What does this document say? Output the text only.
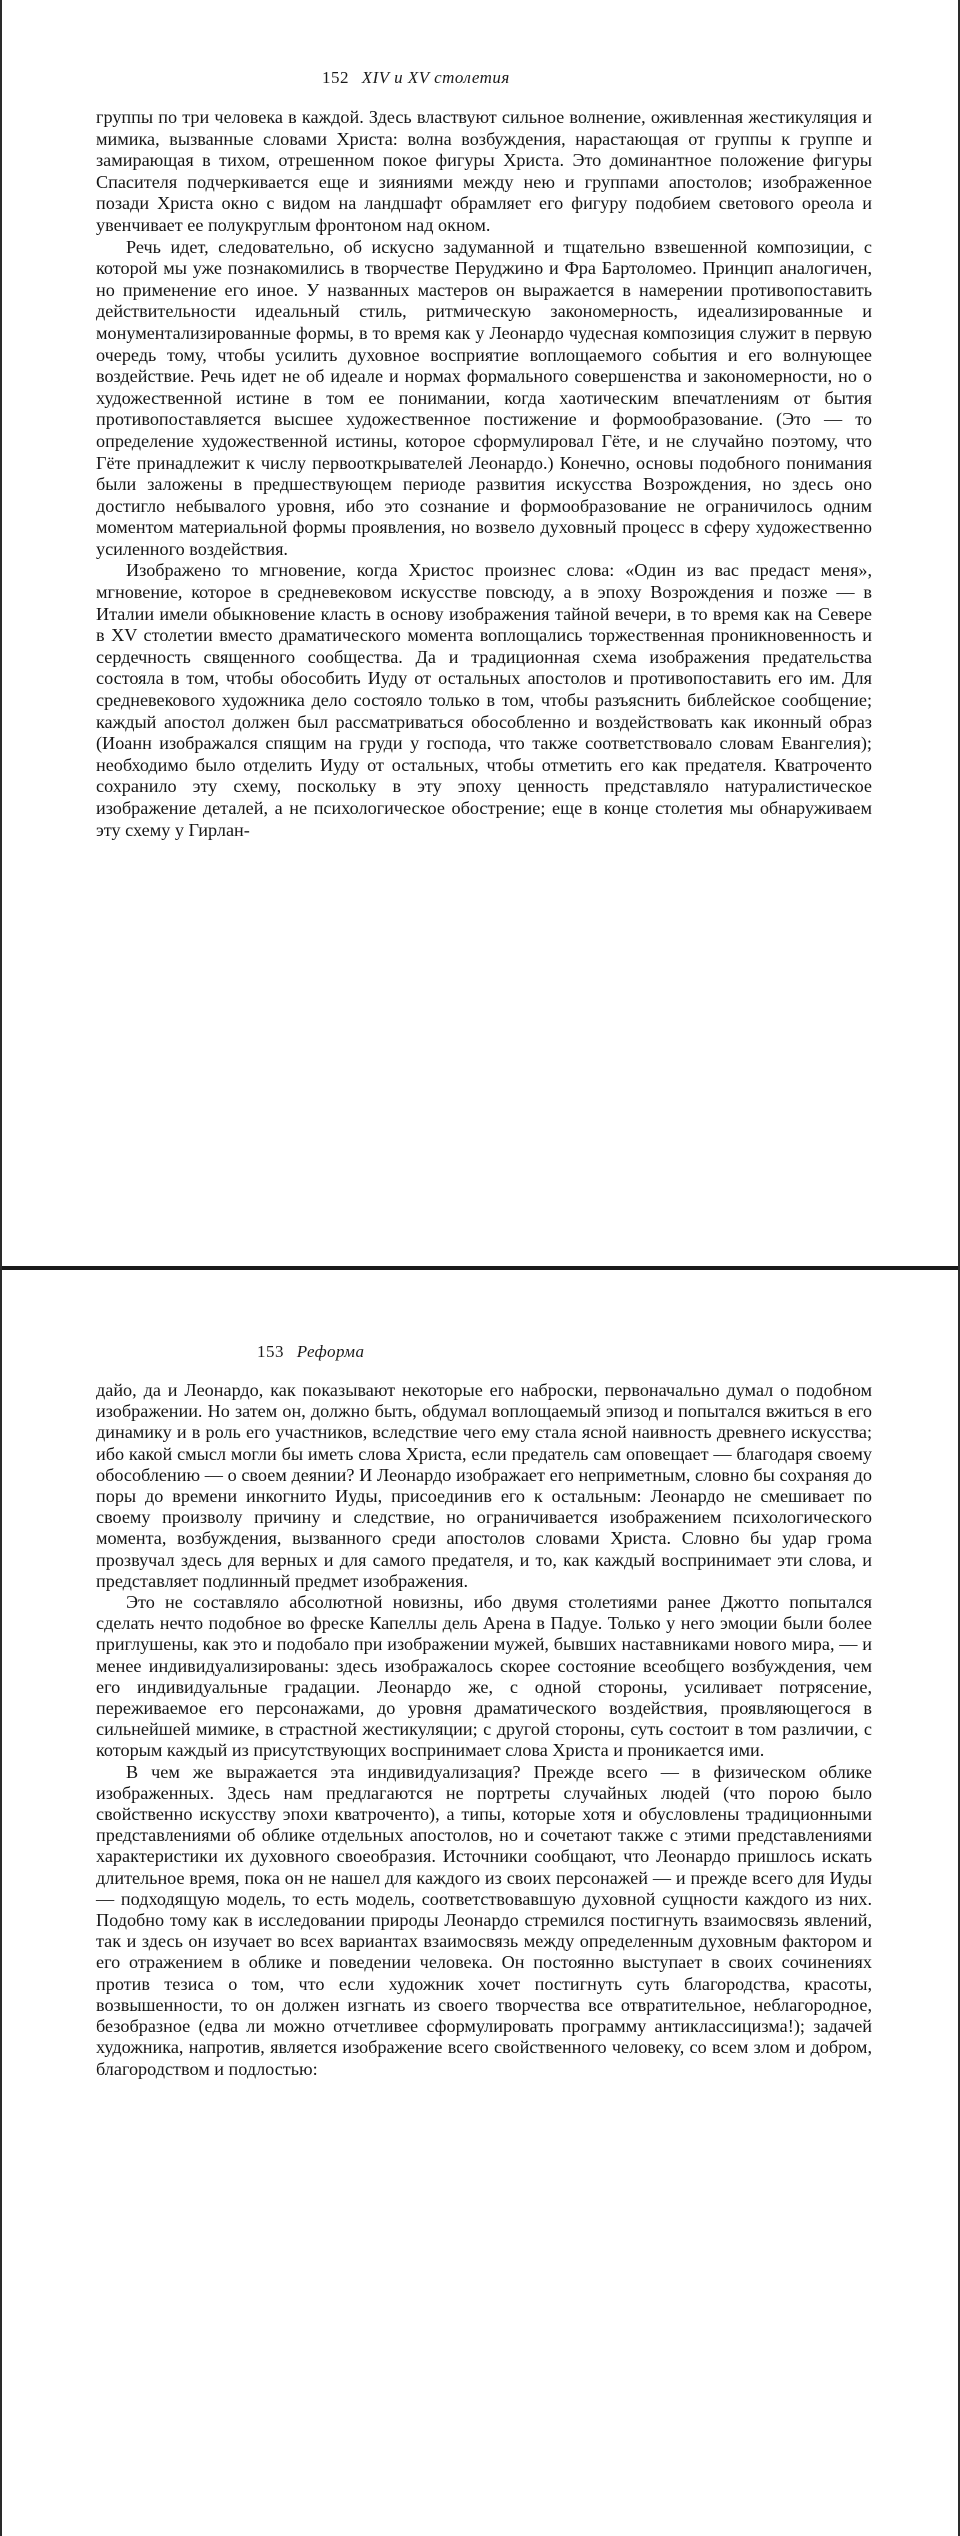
152 XIV и XV столетия

группы по три человека в каждой. Здесь властвуют сильное волнение, оживленная жестикуляция и мимика, вызванные словами Христа: волна возбуждения, нарастающая от группы к группе и замирающая в тихом, отрешенном покое фигуры Христа. Это доминантное положение фигуры Спасителя подчеркивается еще и зияниями между нею и группами апостолов; изображенное позади Христа окно с видом на ландшафт обрамляет его фигуру подобием светового ореола и увенчивает ее полукруглым фронтоном над окном.

Речь идет, следовательно, об искусно задуманной и тщательно взвешенной композиции, с которой мы уже познакомились в творчестве Перуджино и Фра Бартоломео. Принцип аналогичен, но применение его иное. У названных мастеров он выражается в намерении противопоставить действительности идеальный стиль, ритмическую закономерность, идеализированные и монументализированные формы, в то время как у Леонардо чудесная композиция служит в первую очередь тому, чтобы усилить духовное восприятие воплощаемого события и его волнующее воздействие. Речь идет не об идеале и нормах формального совершенства и закономерности, но о художественной истине в том ее понимании, когда хаотическим впечатлениям от бытия противопоставляется высшее художественное постижение и формообразование. (Это — то определение художественной истины, которое сформулировал Гёте, и не случайно поэтому, что Гёте принадлежит к числу первооткрывателей Леонардо.) Конечно, основы подобного понимания были заложены в предшествующем периоде развития искусства Возрождения, но здесь оно достигло небывалого уровня, ибо это сознание и формообразование не ограничилось одним моментом материальной формы проявления, но возвело духовный процесс в сферу художественно усиленного воздействия.

Изображено то мгновение, когда Христос произнес слова: «Один из вас предаст меня», мгновение, которое в средневековом искусстве повсюду, а в эпоху Возрождения и позже — в Италии имели обыкновение класть в основу изображения тайной вечери, в то время как на Севере в XV столетии вместо драматического момента воплощались торжественная проникновенность и сердечность священного сообщества. Да и традиционная схема изображения предательства состояла в том, чтобы обособить Иуду от остальных апостолов и противопоставить его им. Для средневекового художника дело состояло только в том, чтобы разъяснить библейское сообщение; каждый апостол должен был рассматриваться обособленно и воздействовать как иконный образ (Иоанн изображался спящим на груди у господа, что также соответствовало словам Евангелия); необходимо было отделить Иуду от остальных, чтобы отметить его как предателя. Кватроченто сохранило эту схему, поскольку в эту эпоху ценность представляло натуралистическое изображение деталей, а не психологическое обострение; еще в конце столетия мы обнаруживаем эту схему у Гирлан-

153 Реформа

дайо, да и Леонардо, как показывают некоторые его наброски, первоначально думал о подобном изображении. Но затем он, должно быть, обдумал воплощаемый эпизод и попытался вжиться в его динамику и в роль его участников, вследствие чего ему стала ясной наивность древнего искусства; ибо какой смысл могли бы иметь слова Христа, если предатель сам оповещает — благодаря своему обособлению — о своем деянии? И Леонардо изображает его неприметным, словно бы сохраняя до поры до времени инкогнито Иуды, присоединив его к остальным: Леонардо не смешивает по своему произволу причину и следствие, но ограничивается изображением психологического момента, возбуждения, вызванного среди апостолов словами Христа. Словно бы удар грома прозвучал здесь для верных и для самого предателя, и то, как каждый воспринимает эти слова, и представляет подлинный предмет изображения.

Это не составляло абсолютной новизны, ибо двумя столетиями ранее Джотто попытался сделать нечто подобное во фреске Капеллы дель Арена в Падуе. Только у него эмоции были более приглушены, как это и подобало при изображении мужей, бывших наставниками нового мира, — и менее индивидуализированы: здесь изображалось скорее состояние всеобщего возбуждения, чем его индивидуальные градации. Леонардо же, с одной стороны, усиливает потрясение, переживаемое его персонажами, до уровня драматического воздействия, проявляющегося в сильнейшей мимике, в страстной жестикуляции; с другой стороны, суть состоит в том различии, с которым каждый из присутствующих воспринимает слова Христа и проникается ими.

В чем же выражается эта индивидуализация? Прежде всего — в физическом облике изображенных. Здесь нам предлагаются не портреты случайных людей (что порою было свойственно искусству эпохи кватроченто), а типы, которые хотя и обусловлены традиционными представлениями об облике отдельных апостолов, но и сочетают также с этими представлениями характеристики их духовного своеобразия. Источники сообщают, что Леонардо пришлось искать длительное время, пока он не нашел для каждого из своих персонажей — и прежде всего для Иуды — подходящую модель, то есть модель, соответствовавшую духовной сущности каждого из них. Подобно тому как в исследовании природы Леонардо стремился постигнуть взаимосвязь явлений, так и здесь он изучает во всех вариантах взаимосвязь между определенным духовным фактором и его отражением в облике и поведении человека. Он постоянно выступает в своих сочинениях против тезиса о том, что если художник хочет постигнуть суть благородства, красоты, возвышенности, то он должен изгнать из своего творчества все отвратительное, неблагородное, безобразное (едва ли можно отчетливее сформулировать программу антиклассицизма!); задачей художника, напротив, является изображение всего свойственного человеку, со всем злом и добром, благородством и подлостью:
